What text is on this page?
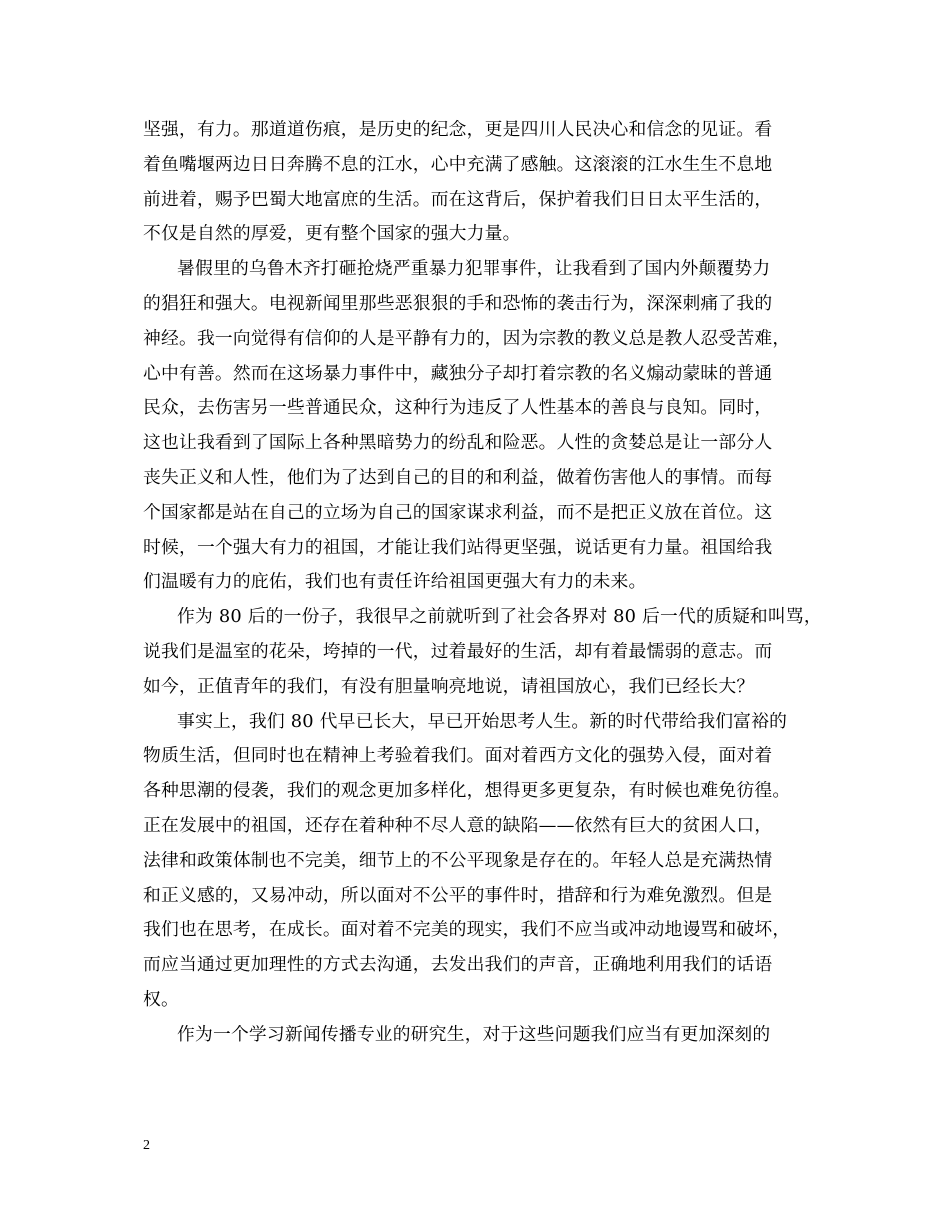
坚强，有力。那道道伤痕，是历史的纪念，更是四川人民决心和信念的见证。看
着鱼嘴堰两边日日奔腾不息的江水，心中充满了感触。这滚滚的江水生生不息地
前进着，赐予巴蜀大地富庶的生活。而在这背后，保护着我们日日太平生活的，
不仅是自然的厚爱，更有整个国家的强大力量。
暑假里的乌鲁木齐打砸抢烧严重暴力犯罪事件，让我看到了国内外颠覆势力
的猖狂和强大。电视新闻里那些恶狠狠的手和恐怖的袭击行为，深深刺痛了我的
神经。我一向觉得有信仰的人是平静有力的，因为宗教的教义总是教人忍受苦难，
心中有善。然而在这场暴力事件中，藏独分子却打着宗教的名义煽动蒙昧的普通
民众，去伤害另一些普通民众，这种行为违反了人性基本的善良与良知。同时，
这也让我看到了国际上各种黑暗势力的纷乱和险恶。人性的贪婪总是让一部分人
丧失正义和人性，他们为了达到自己的目的和利益，做着伤害他人的事情。而每
个国家都是站在自己的立场为自己的国家谋求利益，而不是把正义放在首位。这
时候，一个强大有力的祖国，才能让我们站得更坚强，说话更有力量。祖国给我
们温暖有力的庇佑，我们也有责任许给祖国更强大有力的未来。
作为 80 后的一份子，我很早之前就听到了社会各界对 80 后一代的质疑和叫骂，
说我们是温室的花朵，垮掉的一代，过着最好的生活，却有着最懦弱的意志。而
如今，正值青年的我们，有没有胆量响亮地说，请祖国放心，我们已经长大？
事实上，我们 80 代早已长大，早已开始思考人生。新的时代带给我们富裕的
物质生活，但同时也在精神上考验着我们。面对着西方文化的强势入侵，面对着
各种思潮的侵袭，我们的观念更加多样化，想得更多更复杂，有时候也难免彷徨。
正在发展中的祖国，还存在着种种不尽人意的缺陷——依然有巨大的贫困人口，
法律和政策体制也不完美，细节上的不公平现象是存在的。年轻人总是充满热情
和正义感的，又易冲动，所以面对不公平的事件时，措辞和行为难免激烈。但是
我们也在思考，在成长。面对着不完美的现实，我们不应当或冲动地谩骂和破坏，
而应当通过更加理性的方式去沟通，去发出我们的声音，正确地利用我们的话语
权。
作为一个学习新闻传播专业的研究生，对于这些问题我们应当有更加深刻的
2
